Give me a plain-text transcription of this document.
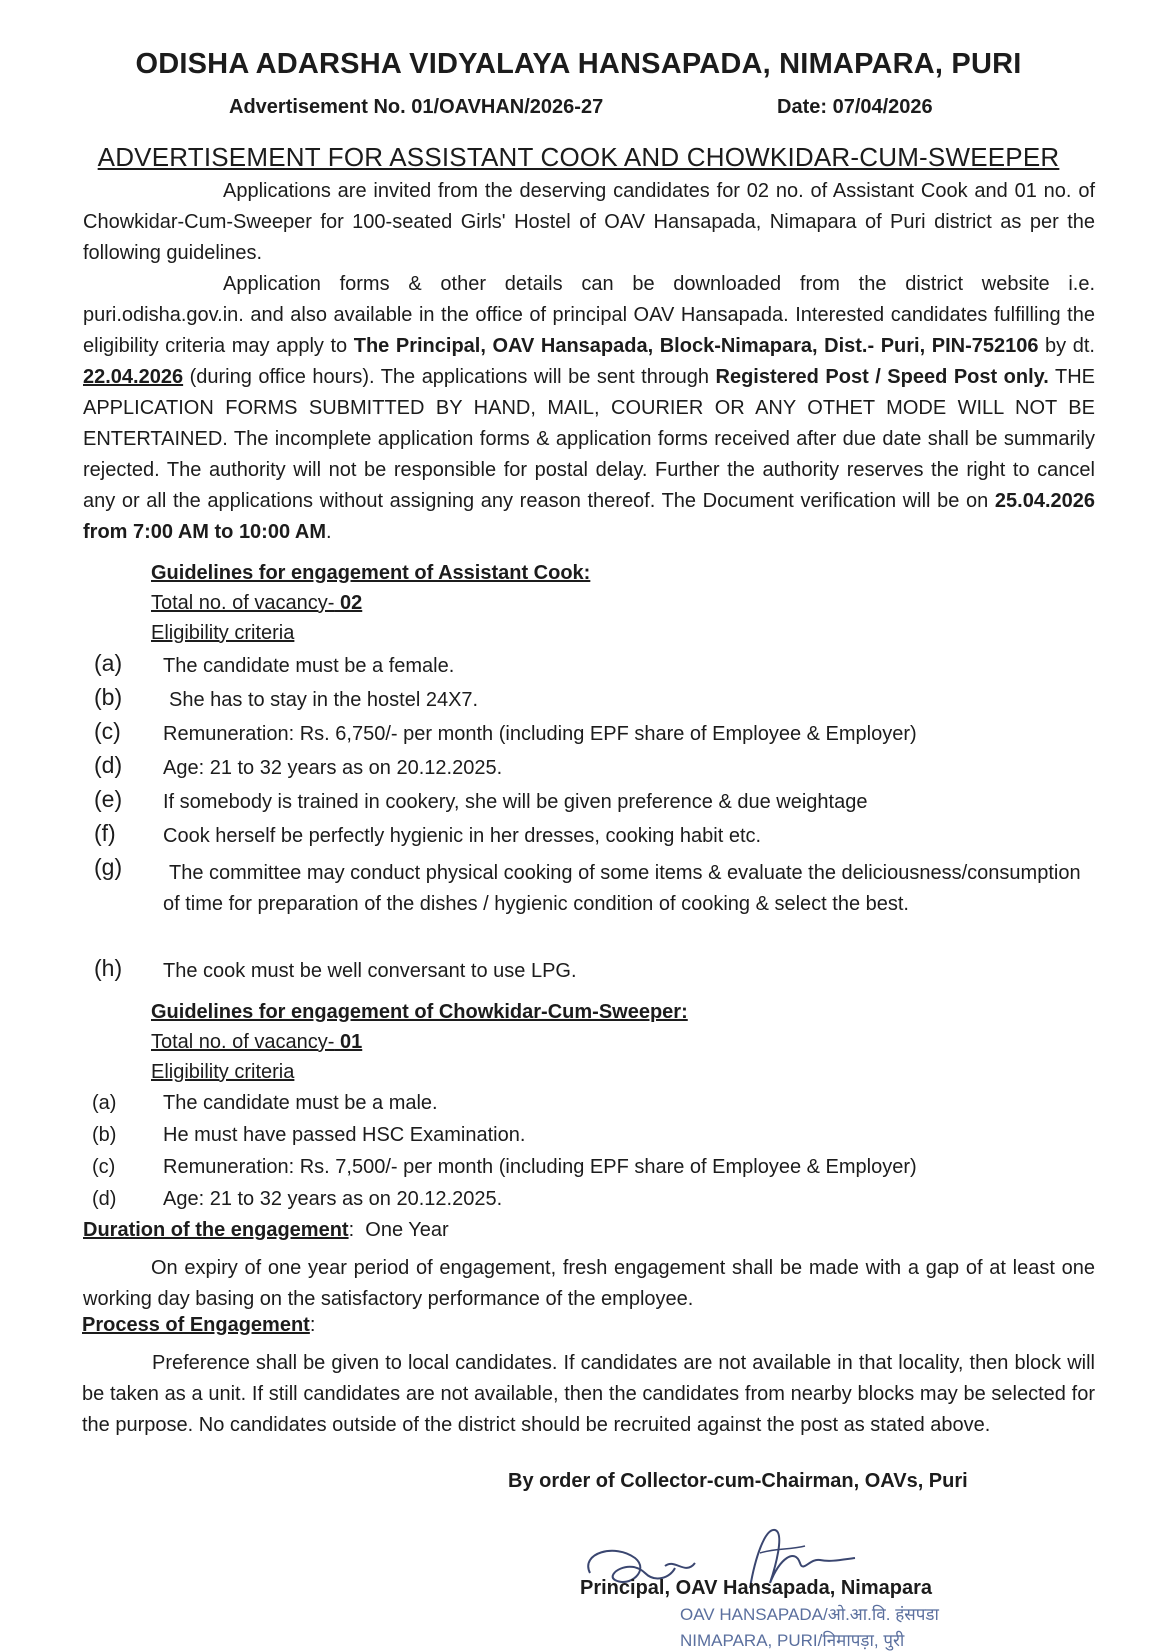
ODISHA ADARSHA VIDYALAYA HANSAPADA, NIMAPARA, PURI
Advertisement No. 01/OAVHAN/2026-27	Date: 07/04/2026
ADVERTISEMENT FOR ASSISTANT COOK AND CHOWKIDAR-CUM-SWEEPER

Applications are invited from the deserving candidates for 02 no. of Assistant Cook and 01 no. of Chowkidar-Cum-Sweeper for 100-seated Girls' Hostel of OAV Hansapada, Nimapara of Puri district as per the following guidelines.

Application forms & other details can be downloaded from the district website i.e. puri.odisha.gov.in. and also available in the office of principal OAV Hansapada. Interested candidates fulfilling the eligibility criteria may apply to The Principal, OAV Hansapada, Block-Nimapara, Dist.- Puri, PIN-752106 by dt. 22.04.2026 (during office hours). The applications will be sent through Registered Post / Speed Post only. THE APPLICATION FORMS SUBMITTED BY HAND, MAIL, COURIER OR ANY OTHET MODE WILL NOT BE ENTERTAINED. The incomplete application forms & application forms received after due date shall be summarily rejected. The authority will not be responsible for postal delay. Further the authority reserves the right to cancel any or all the applications without assigning any reason thereof. The Document verification will be on 25.04.2026 from 7:00 AM to 10:00 AM.

Guidelines for engagement of Assistant Cook:
Total no. of vacancy- 02
Eligibility criteria
(a) The candidate must be a female.
(b) She has to stay in the hostel 24X7.
(c) Remuneration: Rs. 6,750/- per month (including EPF share of Employee & Employer)
(d) Age: 21 to 32 years as on 20.12.2025.
(e) If somebody is trained in cookery, she will be given preference & due weightage
(f) Cook herself be perfectly hygienic in her dresses, cooking habit etc.
(g)	The committee may conduct physical cooking of some items & evaluate the deliciousness/consumption of time for preparation of the dishes / hygienic condition of cooking & select the best.
(h) The cook must be well conversant to use LPG.
Guidelines for engagement of Chowkidar-Cum-Sweeper:
Total no. of vacancy- 01
Eligibility criteria
(a) The candidate must be a male.
(b) He must have passed HSC Examination.
(c) Remuneration: Rs. 7,500/- per month (including EPF share of Employee & Employer)
(d) Age: 21 to 32 years as on 20.12.2025.
Duration of the engagement: One Year

On expiry of one year period of engagement, fresh engagement shall be made with a gap of at least one working day basing on the satisfactory performance of the employee.

Process of Engagement:

Preference shall be given to local candidates. If candidates are not available in that locality, then block will be taken as a unit. If still candidates are not available, then the candidates from nearby blocks may be selected for the purpose. No candidates outside of the district should be recruited against the post as stated above.

By order of Collector-cum-Chairman, OAVs, Puri
Principal, OAV Hansapada, Nimapara
OAV HANSAPADA/ओ.आ.वि. हंसपडा
NIMAPARA, PURI/निमापड़ा, पुरी
